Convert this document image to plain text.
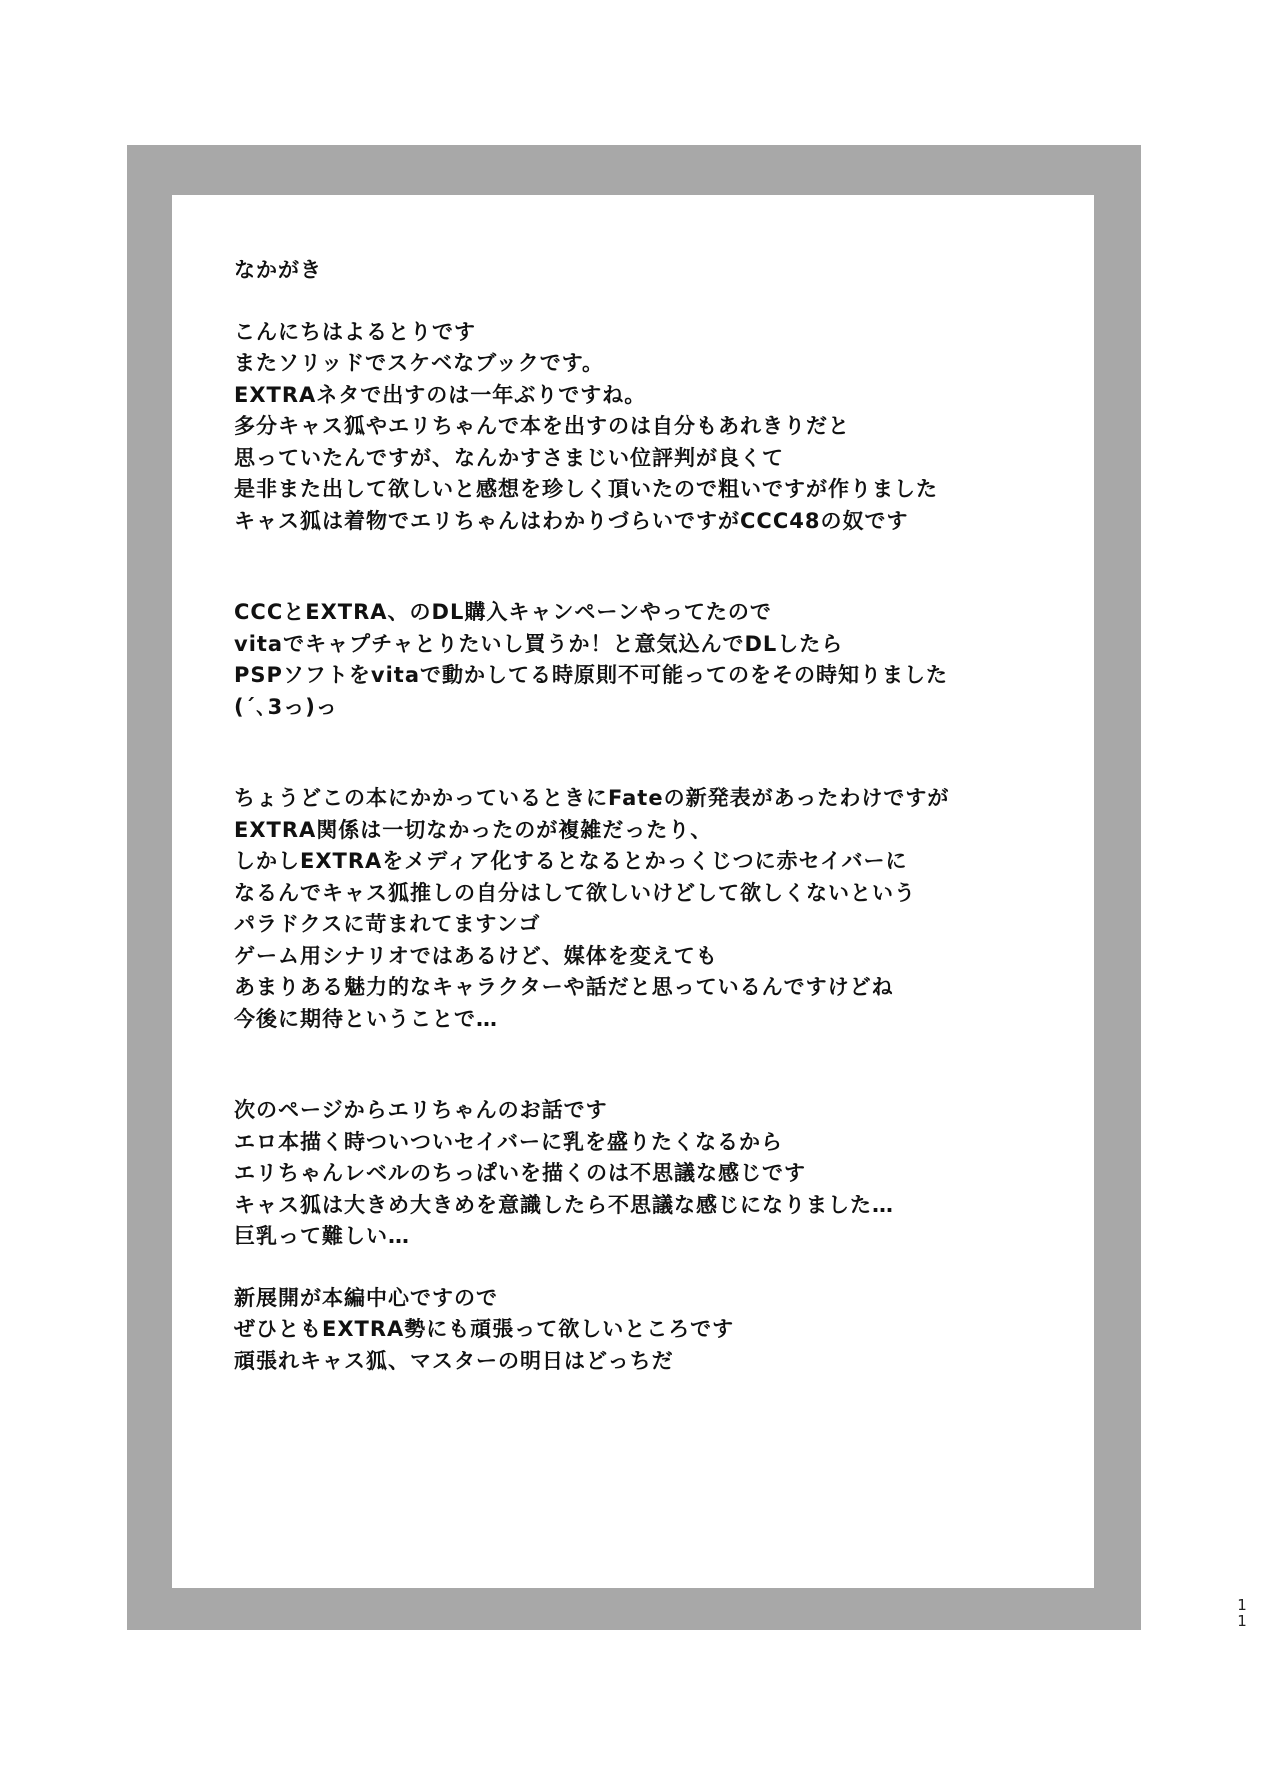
なかがき
こんにちはよるとりです
またソリッドでスケベなブックです。
EXTRAネタで出すのは一年ぶりですね。
多分キャス狐やエリちゃんで本を出すのは自分もあれきりだと
思っていたんですが、なんかすさまじい位評判が良くて
是非また出して欲しいと感想を珍しく頂いたので粗いですが作りました
キャス狐は着物でエリちゃんはわかりづらいですがCCC48の奴です
CCCとEXTRA、のDL購入キャンペーンやってたので
vitaでキャプチャとりたいし買うか！と意気込んでDLしたら
PSPソフトをvitaで動かしてる時原則不可能ってのをその時知りました
(´､3っ)っ
ちょうどこの本にかかっているときにFateの新発表があったわけですが
EXTRA関係は一切なかったのが複雑だったり、
しかしEXTRAをメディア化するとなるとかっくじつに赤セイバーに
なるんでキャス狐推しの自分はして欲しいけどして欲しくないという
パラドクスに苛まれてますンゴ
ゲーム用シナリオではあるけど、媒体を変えても
あまりある魅力的なキャラクターや話だと思っているんですけどね
今後に期待ということで…
次のページからエリちゃんのお話です
エロ本描く時ついついセイバーに乳を盛りたくなるから
エリちゃんレベルのちっぱいを描くのは不思議な感じです
キャス狐は大きめ大きめを意識したら不思議な感じになりました…
巨乳って難しい…
新展開が本編中心ですので
ぜひともEXTRA勢にも頑張って欲しいところです
頑張れキャス狐、マスターの明日はどっちだ
1
1
